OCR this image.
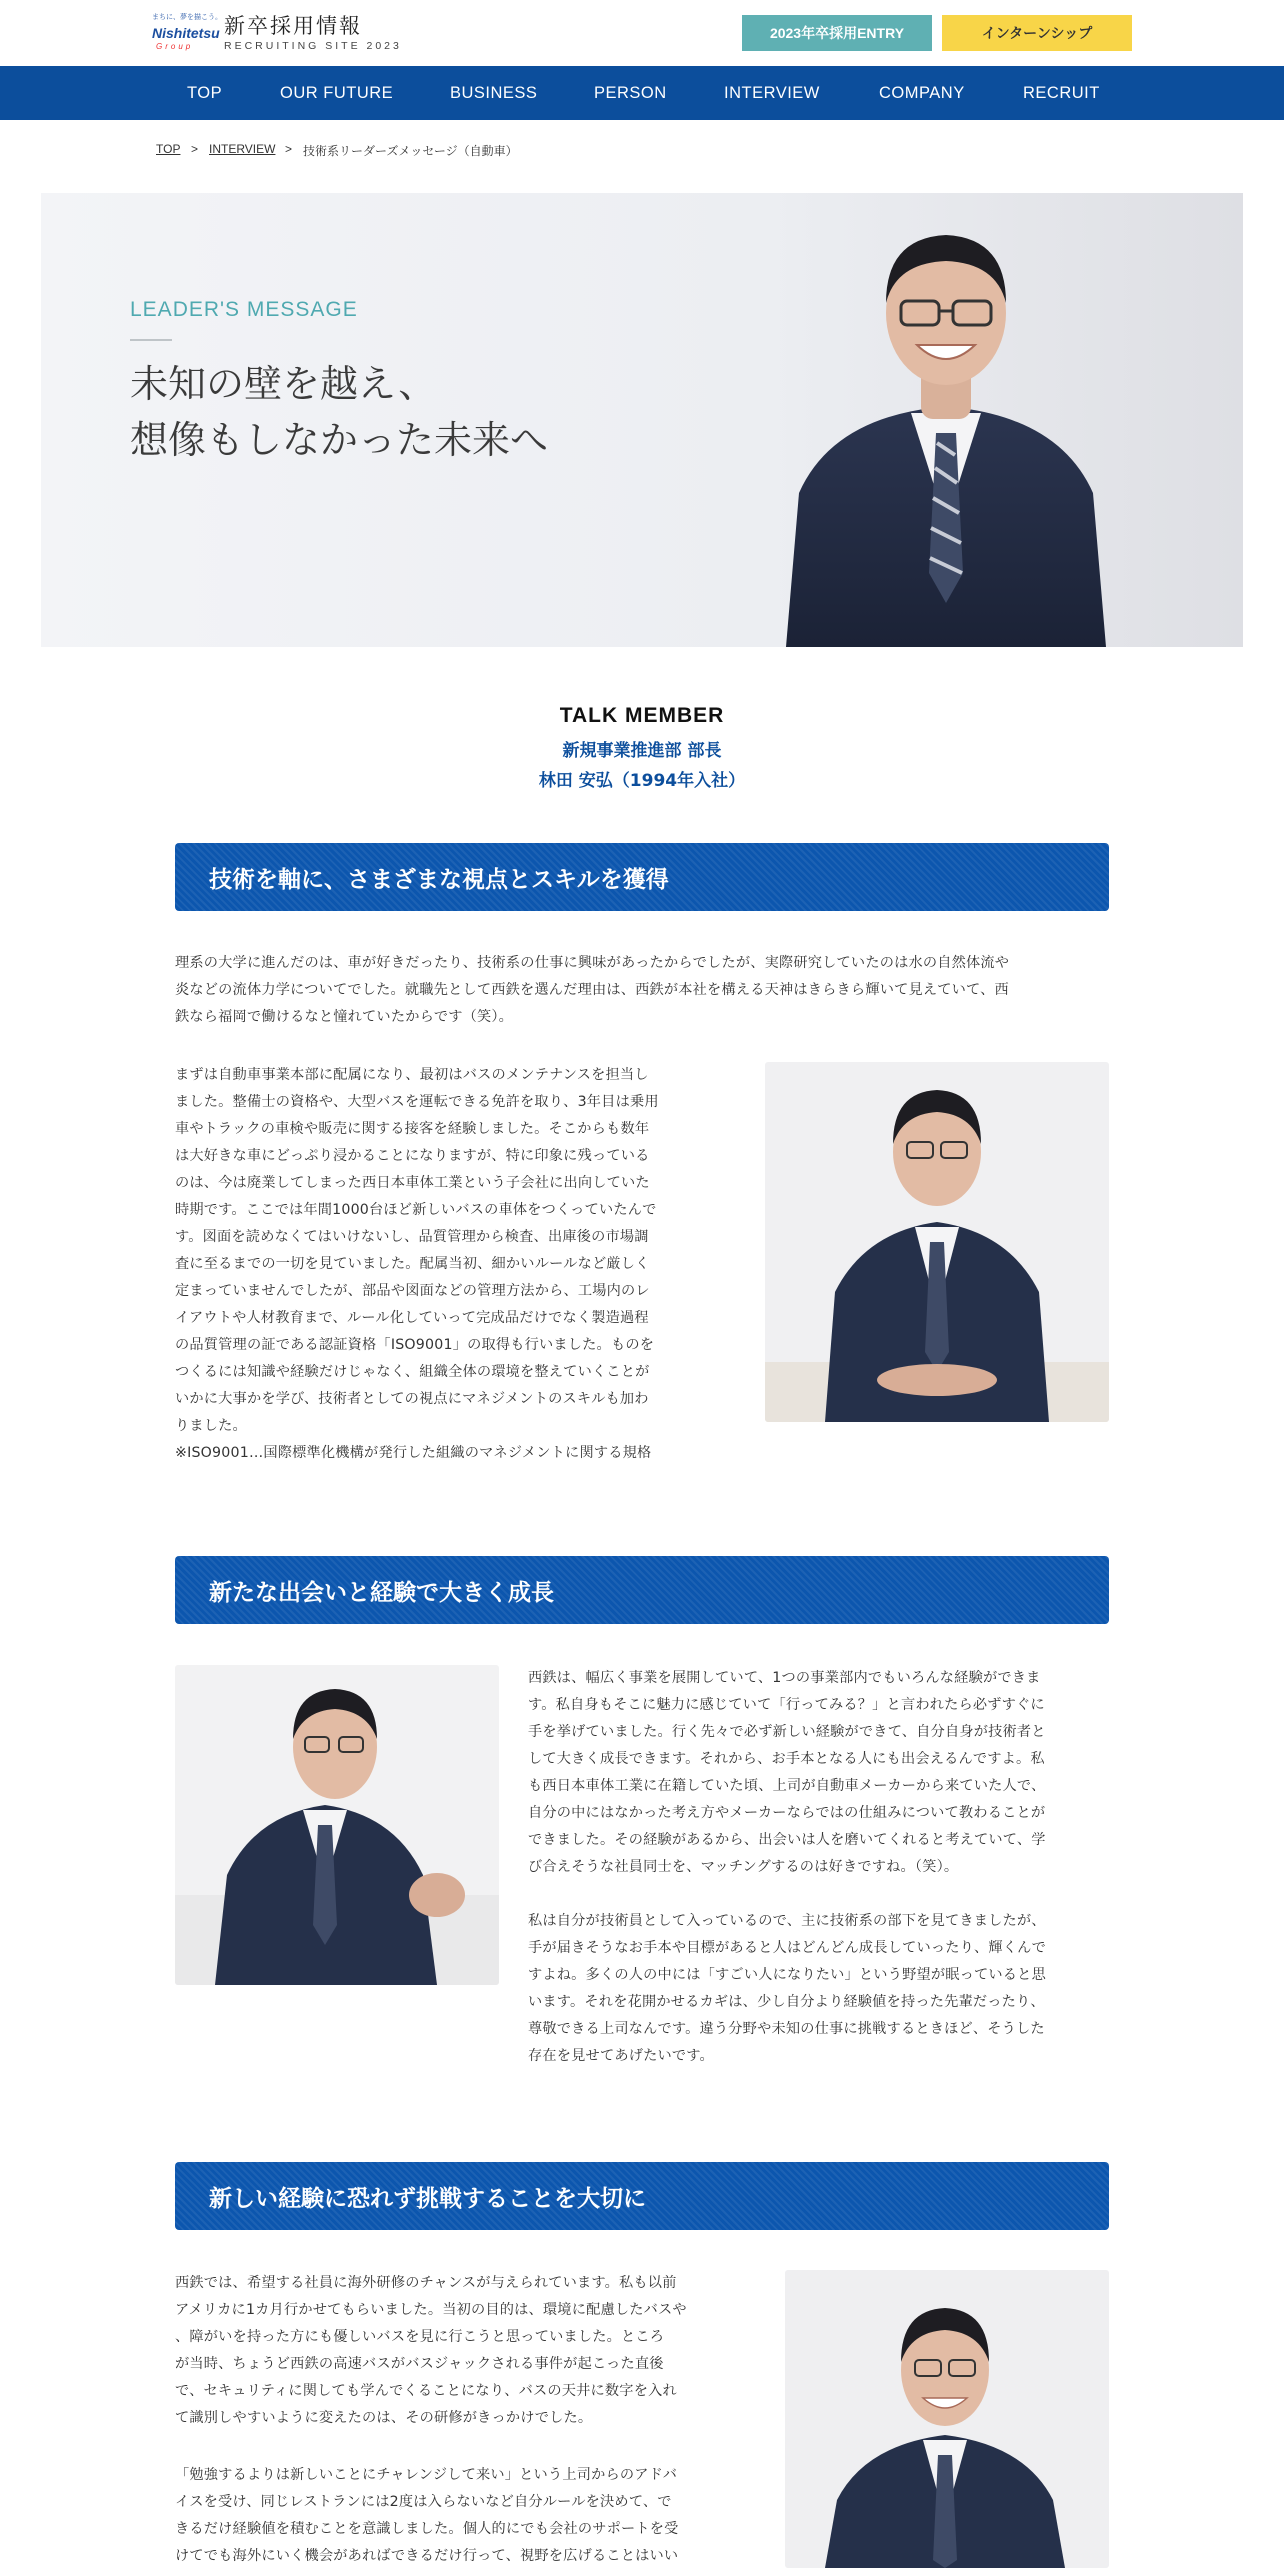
まちに、夢を描こう。
Nishitetsu
Group
新卒採用情報
RECRUITING SITE 2023
2023年卒採用ENTRY	インターンシップ
TOP	OUR FUTURE	BUSINESS	PERSON	INTERVIEW	COMPANY	RECRUIT
TOP > INTERVIEW > 技術系リーダーズメッセージ（自動車）
LEADER'S MESSAGE
未知の壁を越え、
想像もしなかった未来へ
TALK MEMBER
新規事業推進部 部長
林田 安弘（1994年入社）
技術を軸に、さまざまな視点とスキルを獲得
理系の大学に進んだのは、車が好きだったり、技術系の仕事に興味があったからでしたが、実際研究していたのは水の自然体流や
炎などの流体力学についてでした。就職先として西鉄を選んだ理由は、西鉄が本社を構える天神はきらきら輝いて見えていて、西
鉄なら福岡で働けるなと憧れていたからです（笑）。
まずは自動車事業本部に配属になり、最初はバスのメンテナンスを担当し
ました。整備士の資格や、大型バスを運転できる免許を取り、3年目は乗用
車やトラックの車検や販売に関する接客を経験しました。そこからも数年
は大好きな車にどっぷり浸かることになりますが、特に印象に残っている
のは、今は廃業してしまった西日本車体工業という子会社に出向していた
時期です。ここでは年間1000台ほど新しいバスの車体をつくっていたんで
す。図面を読めなくてはいけないし、品質管理から検査、出庫後の市場調
査に至るまでの一切を見ていました。配属当初、細かいルールなど厳しく
定まっていませんでしたが、部品や図面などの管理方法から、工場内のレ
イアウトや人材教育まで、ルール化していって完成品だけでなく製造過程
の品質管理の証である認証資格「ISO9001」の取得も行いました。ものを
つくるには知識や経験だけじゃなく、組織全体の環境を整えていくことが
いかに大事かを学び、技術者としての視点にマネジメントのスキルも加わ
りました。
※ISO9001…国際標準化機構が発行した組織のマネジメントに関する規格
新たな出会いと経験で大きく成長
西鉄は、幅広く事業を展開していて、1つの事業部内でもいろんな経験ができま
す。私自身もそこに魅力に感じていて「行ってみる？」と言われたら必ずすぐに
手を挙げていました。行く先々で必ず新しい経験ができて、自分自身が技術者と
して大きく成長できます。それから、お手本となる人にも出会えるんですよ。私
も西日本車体工業に在籍していた頃、上司が自動車メーカーから来ていた人で、
自分の中にはなかった考え方やメーカーならではの仕組みについて教わることが
できました。その経験があるから、出会いは人を磨いてくれると考えていて、学
び合えそうな社員同士を、マッチングするのは好きですね。（笑）。
私は自分が技術員として入っているので、主に技術系の部下を見てきましたが、
手が届きそうなお手本や目標があると人はどんどん成長していったり、輝くんで
すよね。多くの人の中には「すごい人になりたい」という野望が眠っていると思
います。それを花開かせるカギは、少し自分より経験値を持った先輩だったり、
尊敬できる上司なんです。違う分野や未知の仕事に挑戦するときほど、そうした
存在を見せてあげたいです。
新しい経験に恐れず挑戦することを大切に
西鉄では、希望する社員に海外研修のチャンスが与えられています。私も以前
アメリカに1カ月行かせてもらいました。当初の目的は、環境に配慮したバスや
、障がいを持った方にも優しいバスを見に行こうと思っていました。ところ
が当時、ちょうど西鉄の高速バスがバスジャックされる事件が起こった直後
で、セキュリティに関しても学んでくることになり、バスの天井に数字を入れ
て識別しやすいように変えたのは、その研修がきっかけでした。
「勉強するよりは新しいことにチャレンジして来い」という上司からのアドバ
イスを受け、同じレストランには2度は入らないなど自分ルールを決めて、で
きるだけ経験値を積むことを意識しました。個人的にでも会社のサポートを受
けてでも海外にいく機会があればできるだけ行って、視野を広げることはいい
